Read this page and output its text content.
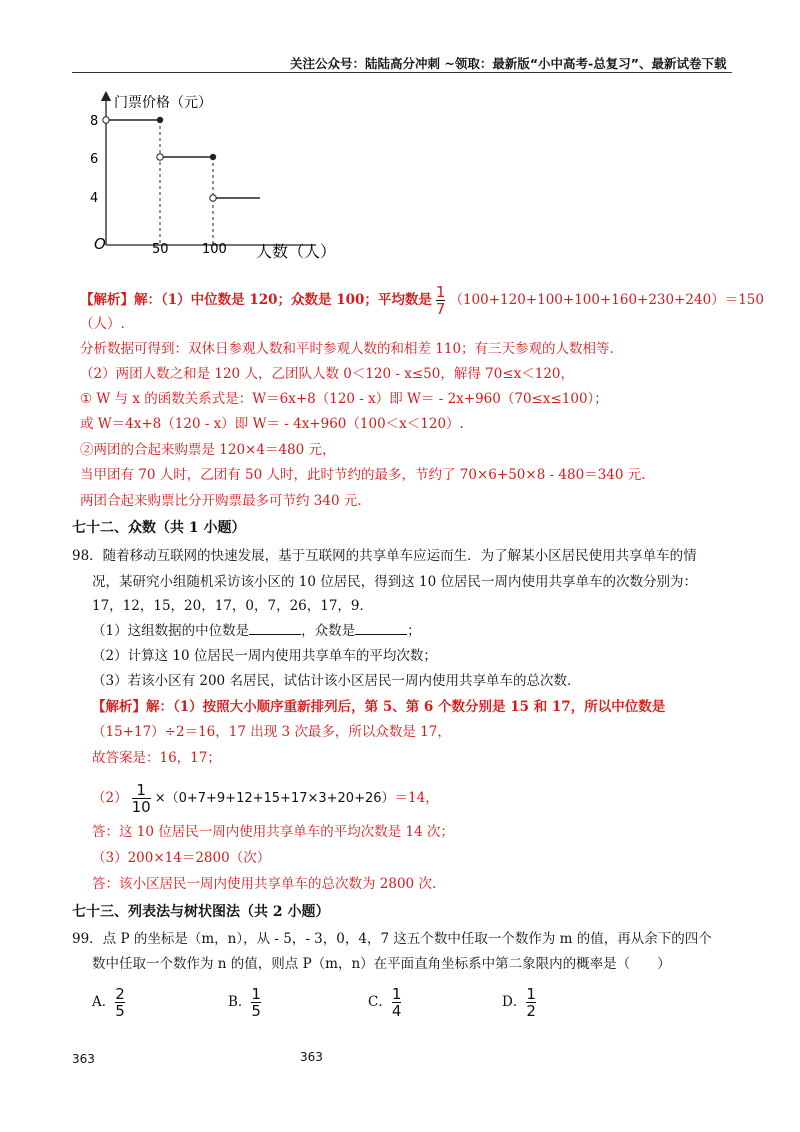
关注公众号：陆陆高分冲刺 ~领取：最新版“小中高考-总复习”、最新试卷下载
门票价格（元）
人数（人）
O
8
6
4
50	100
【解析】解：（1）中位数是 120；众数是 100；平均数是 $\frac{1}{7} (100+120+100+100+160+230+240)=150$
（人）.
分析数据可得到：双休日参观人数和平时参观人数的和相差 110；有三天参观的人数相等.
（2）两团人数之和是 120 人，乙团队人数 0＜120 - x≤50，解得 70≤x＜120，
① W 与 x 的函数关系式是：W＝6x+8（120 - x）即 W＝ - 2x+960（70≤x≤100）；
或 W＝4x+8（120 - x）即 W＝ - 4x+960（100＜x＜120）.
②两团的合起来购票是 120×4＝480 元，
当甲团有 70 人时，乙团有 50 人时，此时节约的最多，节约了 70×6+50×8 - 480＝340 元.
两团合起来购票比分开购票最多可节约 340 元.
七十二、众数（共 1 小题）
98．随着移动互联网的快速发展，基于互联网的共享单车应运而生．为了解某小区居民使用共享单车的情
况，某研究小组随机采访该小区的 10 位居民，得到这 10 位居民一周内使用共享单车的次数分别为：
17，12，15，20，17，0，7，26，17，9．
（1）这组数据的中位数是	，众数是	；
（2）计算这 10 位居民一周内使用共享单车的平均次数；
（3）若该小区有 200 名居民，试估计该小区居民一周内使用共享单车的总次数．
【解析】解：（1）按照大小顺序重新排列后，第 5、第 6 个数分别是 15 和 17，所以中位数是
（15+17）÷2＝16，17 出现 3 次最多，所以众数是 17，
故答案是：16，17；
$(2) \frac{1}{10} \times(0+7+9+12+15+17\times 3+20+26)=14$，
答：这 10 位居民一周内使用共享单车的平均次数是 14 次；
（3）200×14＝2800（次）
答：该小区居民一周内使用共享单车的总次数为 2800 次.
七十三、列表法与树状图法（共 2 小题）
99．点 P 的坐标是（m，n），从 - 5，- 3，0，4，7 这五个数中任取一个数作为 m 的值，再从余下的四个
数中任取一个数作为 n 的值，则点 P（m，n）在平面直角坐标系中第二象限内的概率是（　　）
A． $\frac{2}{5}$	B． $\frac{1}{5}$	C． $\frac{1}{4}$	D． $\frac{1}{2}$
363	363
